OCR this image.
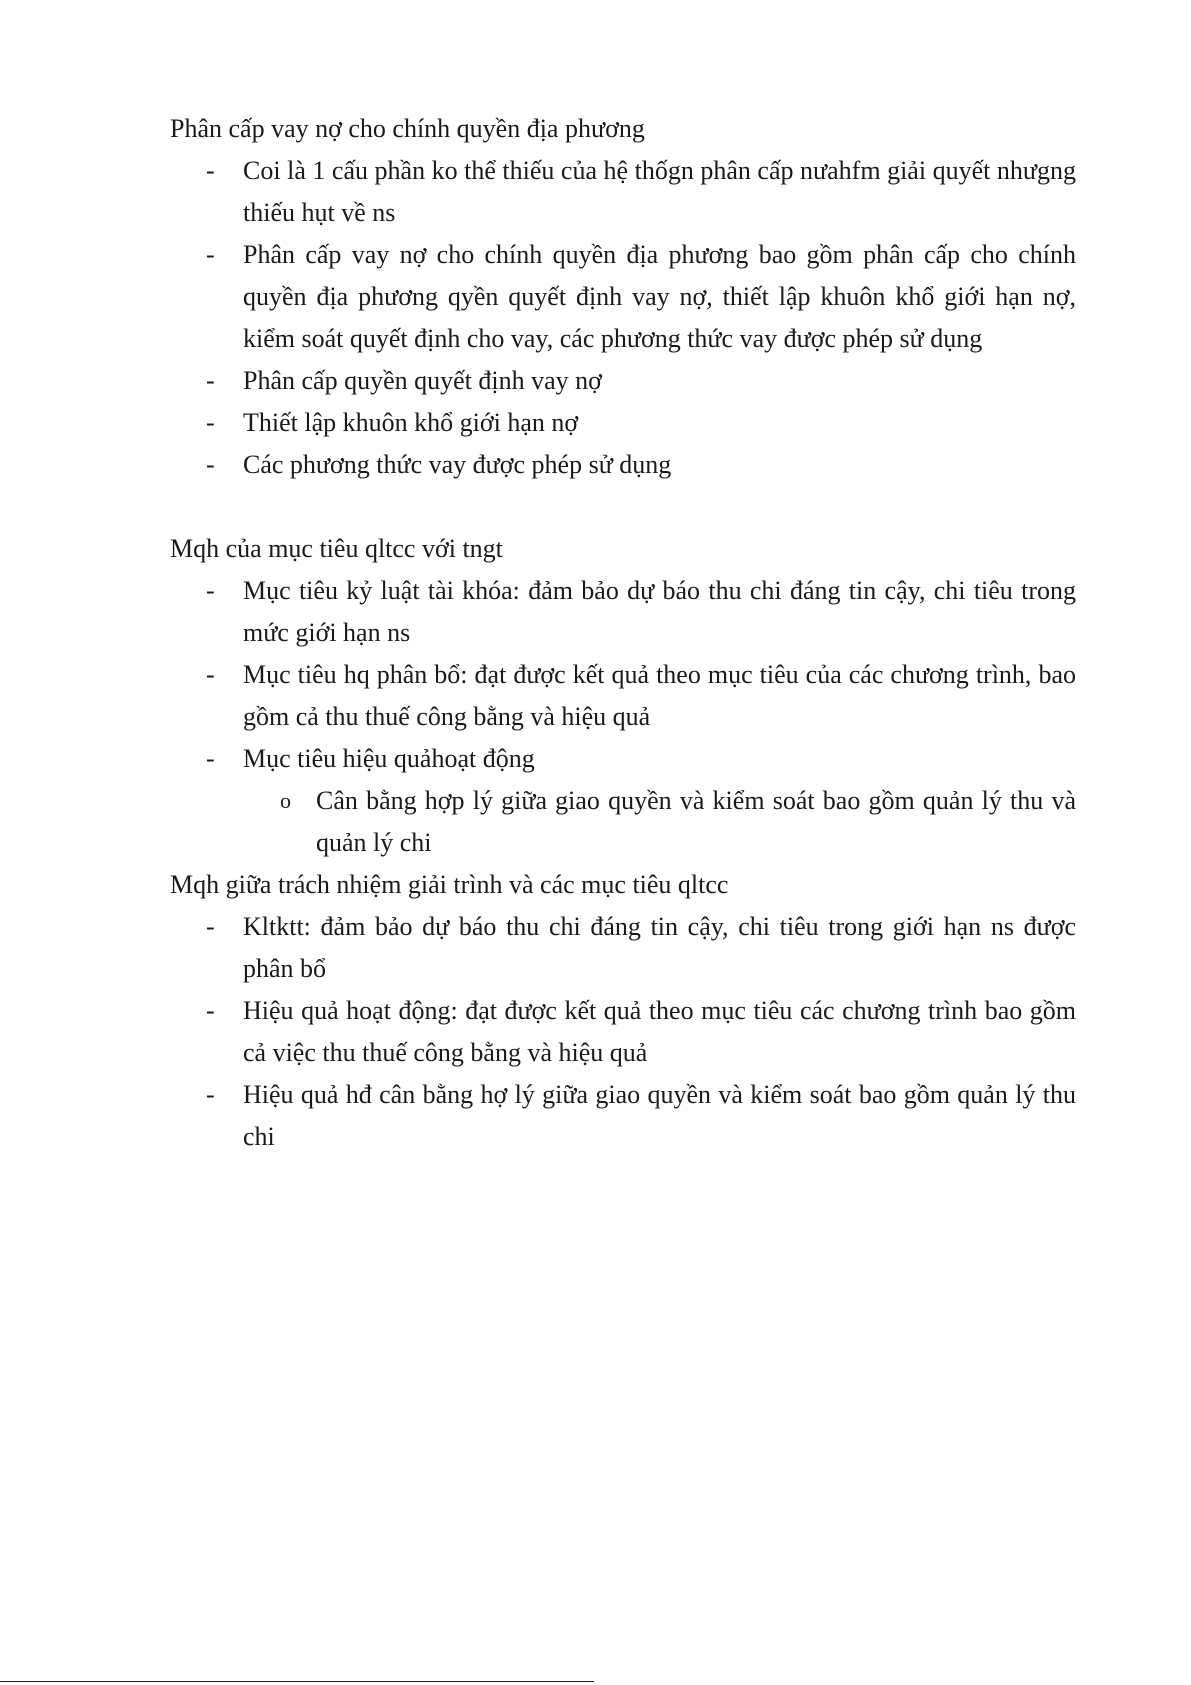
Phân cấp vay nợ cho chính quyền địa phương

- Coi là 1 cấu phần ko thể thiếu của hệ thốgn phân cấp nưahfm giải quyết nhưgng thiếu hụt về ns
- Phân cấp vay nợ cho chính quyền địa phương bao gồm phân cấp cho chính quyền địa phương qyền quyết định vay nợ, thiết lập khuôn khổ giới hạn nợ, kiểm soát quyết định cho vay, các phương thức vay được phép sử dụng
- Phân cấp quyền quyết định vay nợ
- Thiết lập khuôn khổ giới hạn nợ
- Các phương thức vay được phép sử dụng

Mqh của mục tiêu qltcc với tngt

- Mục tiêu kỷ luật tài khóa: đảm bảo dự báo thu chi đáng tin cậy, chi tiêu trong mức giới hạn ns
- Mục tiêu hq phân bổ: đạt được kết quả theo mục tiêu của các chương trình, bao gồm cả thu thuế công bằng và hiệu quả
- Mục tiêu hiệu quảhoạt động
o Cân bằng hợp lý giữa giao quyền và kiểm soát bao gồm quản lý thu và quản lý chi

Mqh giữa trách nhiệm giải trình và các mục tiêu qltcc

- Kltktt: đảm bảo dự báo thu chi đáng tin cậy, chi tiêu trong giới hạn ns được phân bổ
- Hiệu quả hoạt động: đạt được kết quả theo mục tiêu các chương trình bao gồm cả việc thu thuế công bằng và hiệu quả
- Hiệu quả hđ cân bằng hợ lý giữa giao quyền và kiểm soát bao gồm quản lý thu chi
